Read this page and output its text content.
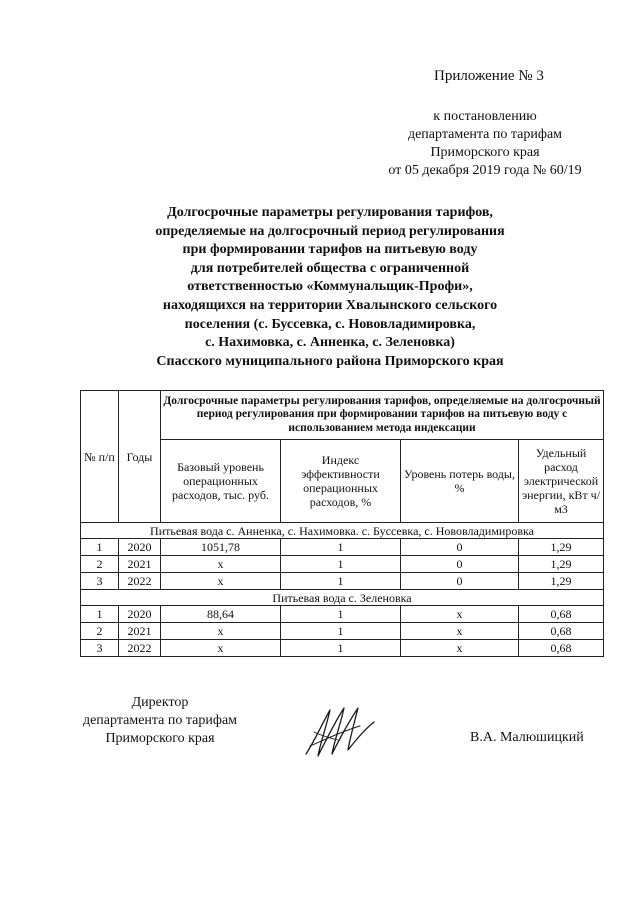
Приложение № 3
к постановлению
департамента по тарифам
Приморского края
от 05 декабря 2019 года № 60/19
Долгосрочные параметры регулирования тарифов,
определяемые на долгосрочный период регулирования
при формировании тарифов на питьевую воду
для потребителей общества с ограниченной
ответственностью «Коммунальщик-Профи»,
находящихся на территории Хвалынского сельского
поселения (с. Буссевка, с. Нововладимировка,
с. Нахимовка, с. Анненка, с. Зеленовка)
Спасского муниципального района Приморского края
№ п/п	Годы	Долгосрочные параметры регулирования тарифов, определяемые на долгосрочный период регулирования при формировании тарифов на питьевую воду с использованием метода индексации			
		Базовый уровень операционных расходов, тыс. руб.	Индекс эффективности операционных расходов, %	Уровень потерь воды, %	Удельный расход электрической энергии, кВт ч/м3
Питьевая вода с. Анненка, с. Нахимовка. с. Буссевка, с. Нововладимировка					
1	2020	1051,78	1	0	1,29
2	2021	х	1	0	1,29
3	2022	х	1	0	1,29
Питьевая вода с. Зеленовка					
1	2020	88,64	1	х	0,68
2	2021	х	1	х	0,68
3	2022	х	1	х	0,68
Директор
департамента по тарифам
Приморского края	В.А. Малюшицкий
